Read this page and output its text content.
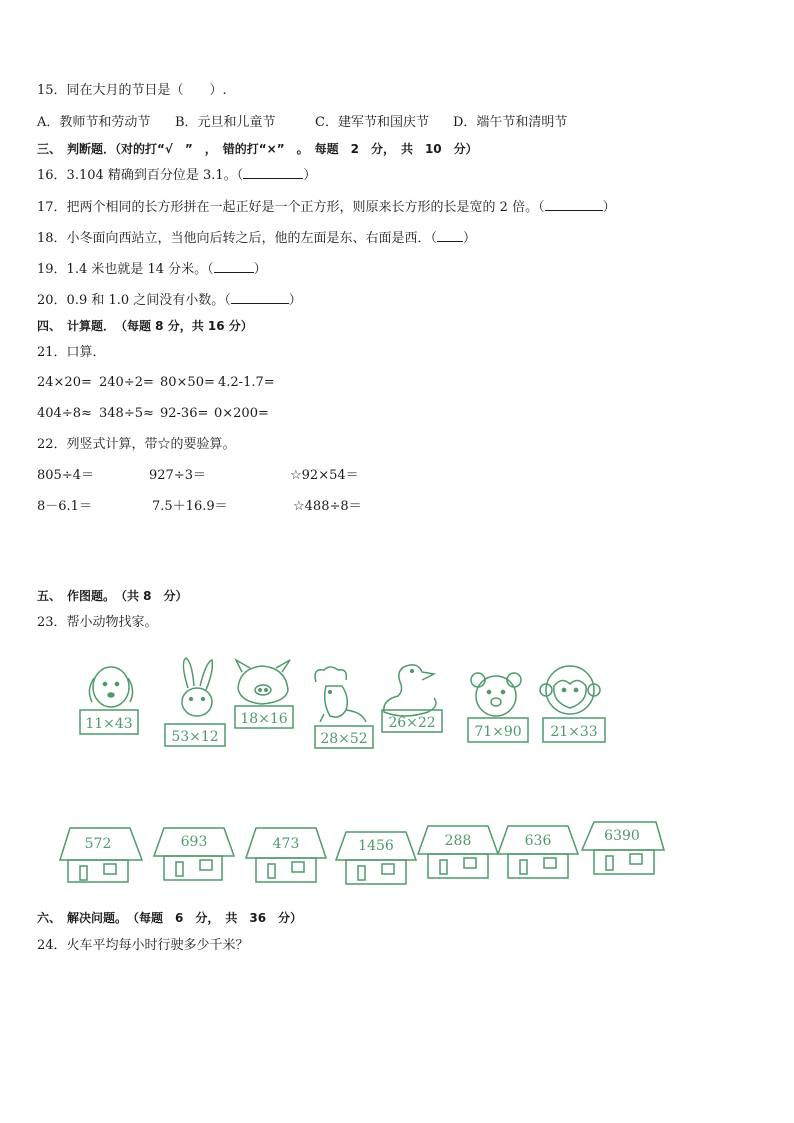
15．同在大月的节日是（　　）.
A．教师节和劳动节 B．元旦和儿童节	C．建军节和国庆节 D．端午节和清明节
三、　判断题．（对的打“√　”　，　错的打“×”　。　每题　2　分，　共　10　分）
16．3.104 精确到百分位是 3.1。（	）
17．把两个相同的长方形拼在一起正好是一个正方形，则原来长方形的长是宽的 2 倍。（	）
18．小冬面向西站立，当他向后转之后，他的左面是东、右面是西．（ ）
19．1.4 米也就是 14 分米。（	）
20．0.9 和 1.0 之间没有小数。（	）
四、　计算题．　（每题 8 分，共 16 分）
21．口算．
24×20= 240÷2= 80×50= 4.2-1.7=
404÷8≈ 348÷5≈ 92-36= 0×200=
22．列竖式计算，带☆的要验算。
805÷4＝	927÷3＝	☆92×54＝
8－6.1＝	7.5＋16.9＝	☆488÷8＝
五、　作图题。　（共 8　分）
23．帮小动物找家。
11×43
53×12
18×16
28×52
26×22
71×90 21×33
572	693	473	1456	288	636	6390
六、　解决问题。　（每题　6　分，　共　36　分）
24．火车平均每小时行驶多少千米？
